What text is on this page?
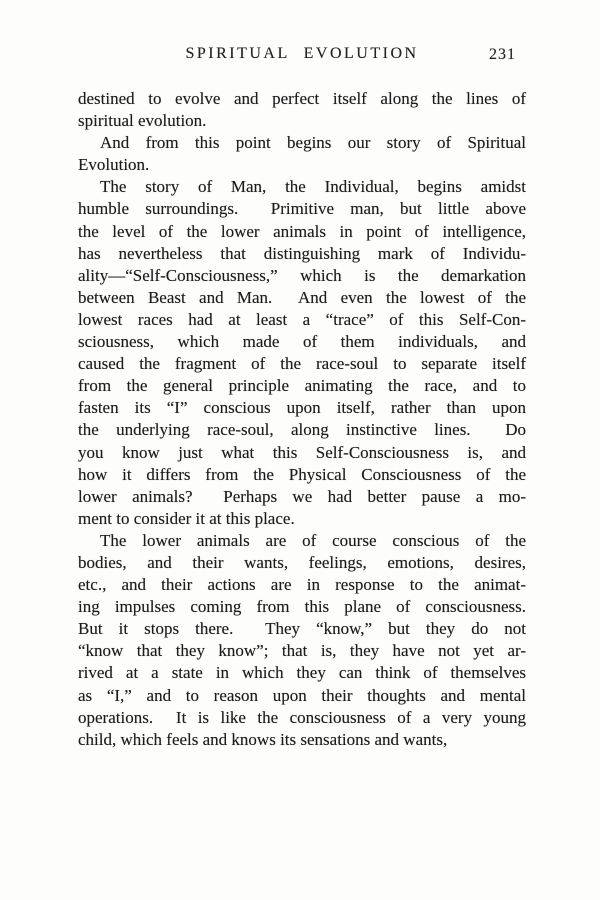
SPIRITUAL EVOLUTION	231
destined to evolve and perfect itself along the lines of
spiritual evolution.
And from this point begins our story of Spiritual
Evolution.
The story of Man, the Individual, begins amidst
humble surroundings.  Primitive man, but little above
the level of the lower animals in point of intelligence,
has nevertheless that distinguishing mark of Individu-
ality—“Self-Consciousness,” which is the demarkation
between Beast and Man.  And even the lowest of the
lowest races had at least a “trace” of this Self-Con-
sciousness, which made of them individuals, and
caused the fragment of the race-soul to separate itself
from the general principle animating the race, and to
fasten its “I” conscious upon itself, rather than upon
the underlying race-soul, along instinctive lines.  Do
you know just what this Self-Consciousness is, and
how it differs from the Physical Consciousness of the
lower animals?  Perhaps we had better pause a mo-
ment to consider it at this place.
The lower animals are of course conscious of the
bodies, and their wants, feelings, emotions, desires,
etc., and their actions are in response to the animat-
ing impulses coming from this plane of consciousness.
But it stops there.  They “know,” but they do not
“know that they know”; that is, they have not yet ar-
rived at a state in which they can think of themselves
as “I,” and to reason upon their thoughts and mental
operations.  It is like the consciousness of a very young
child, which feels and knows its sensations and wants,
